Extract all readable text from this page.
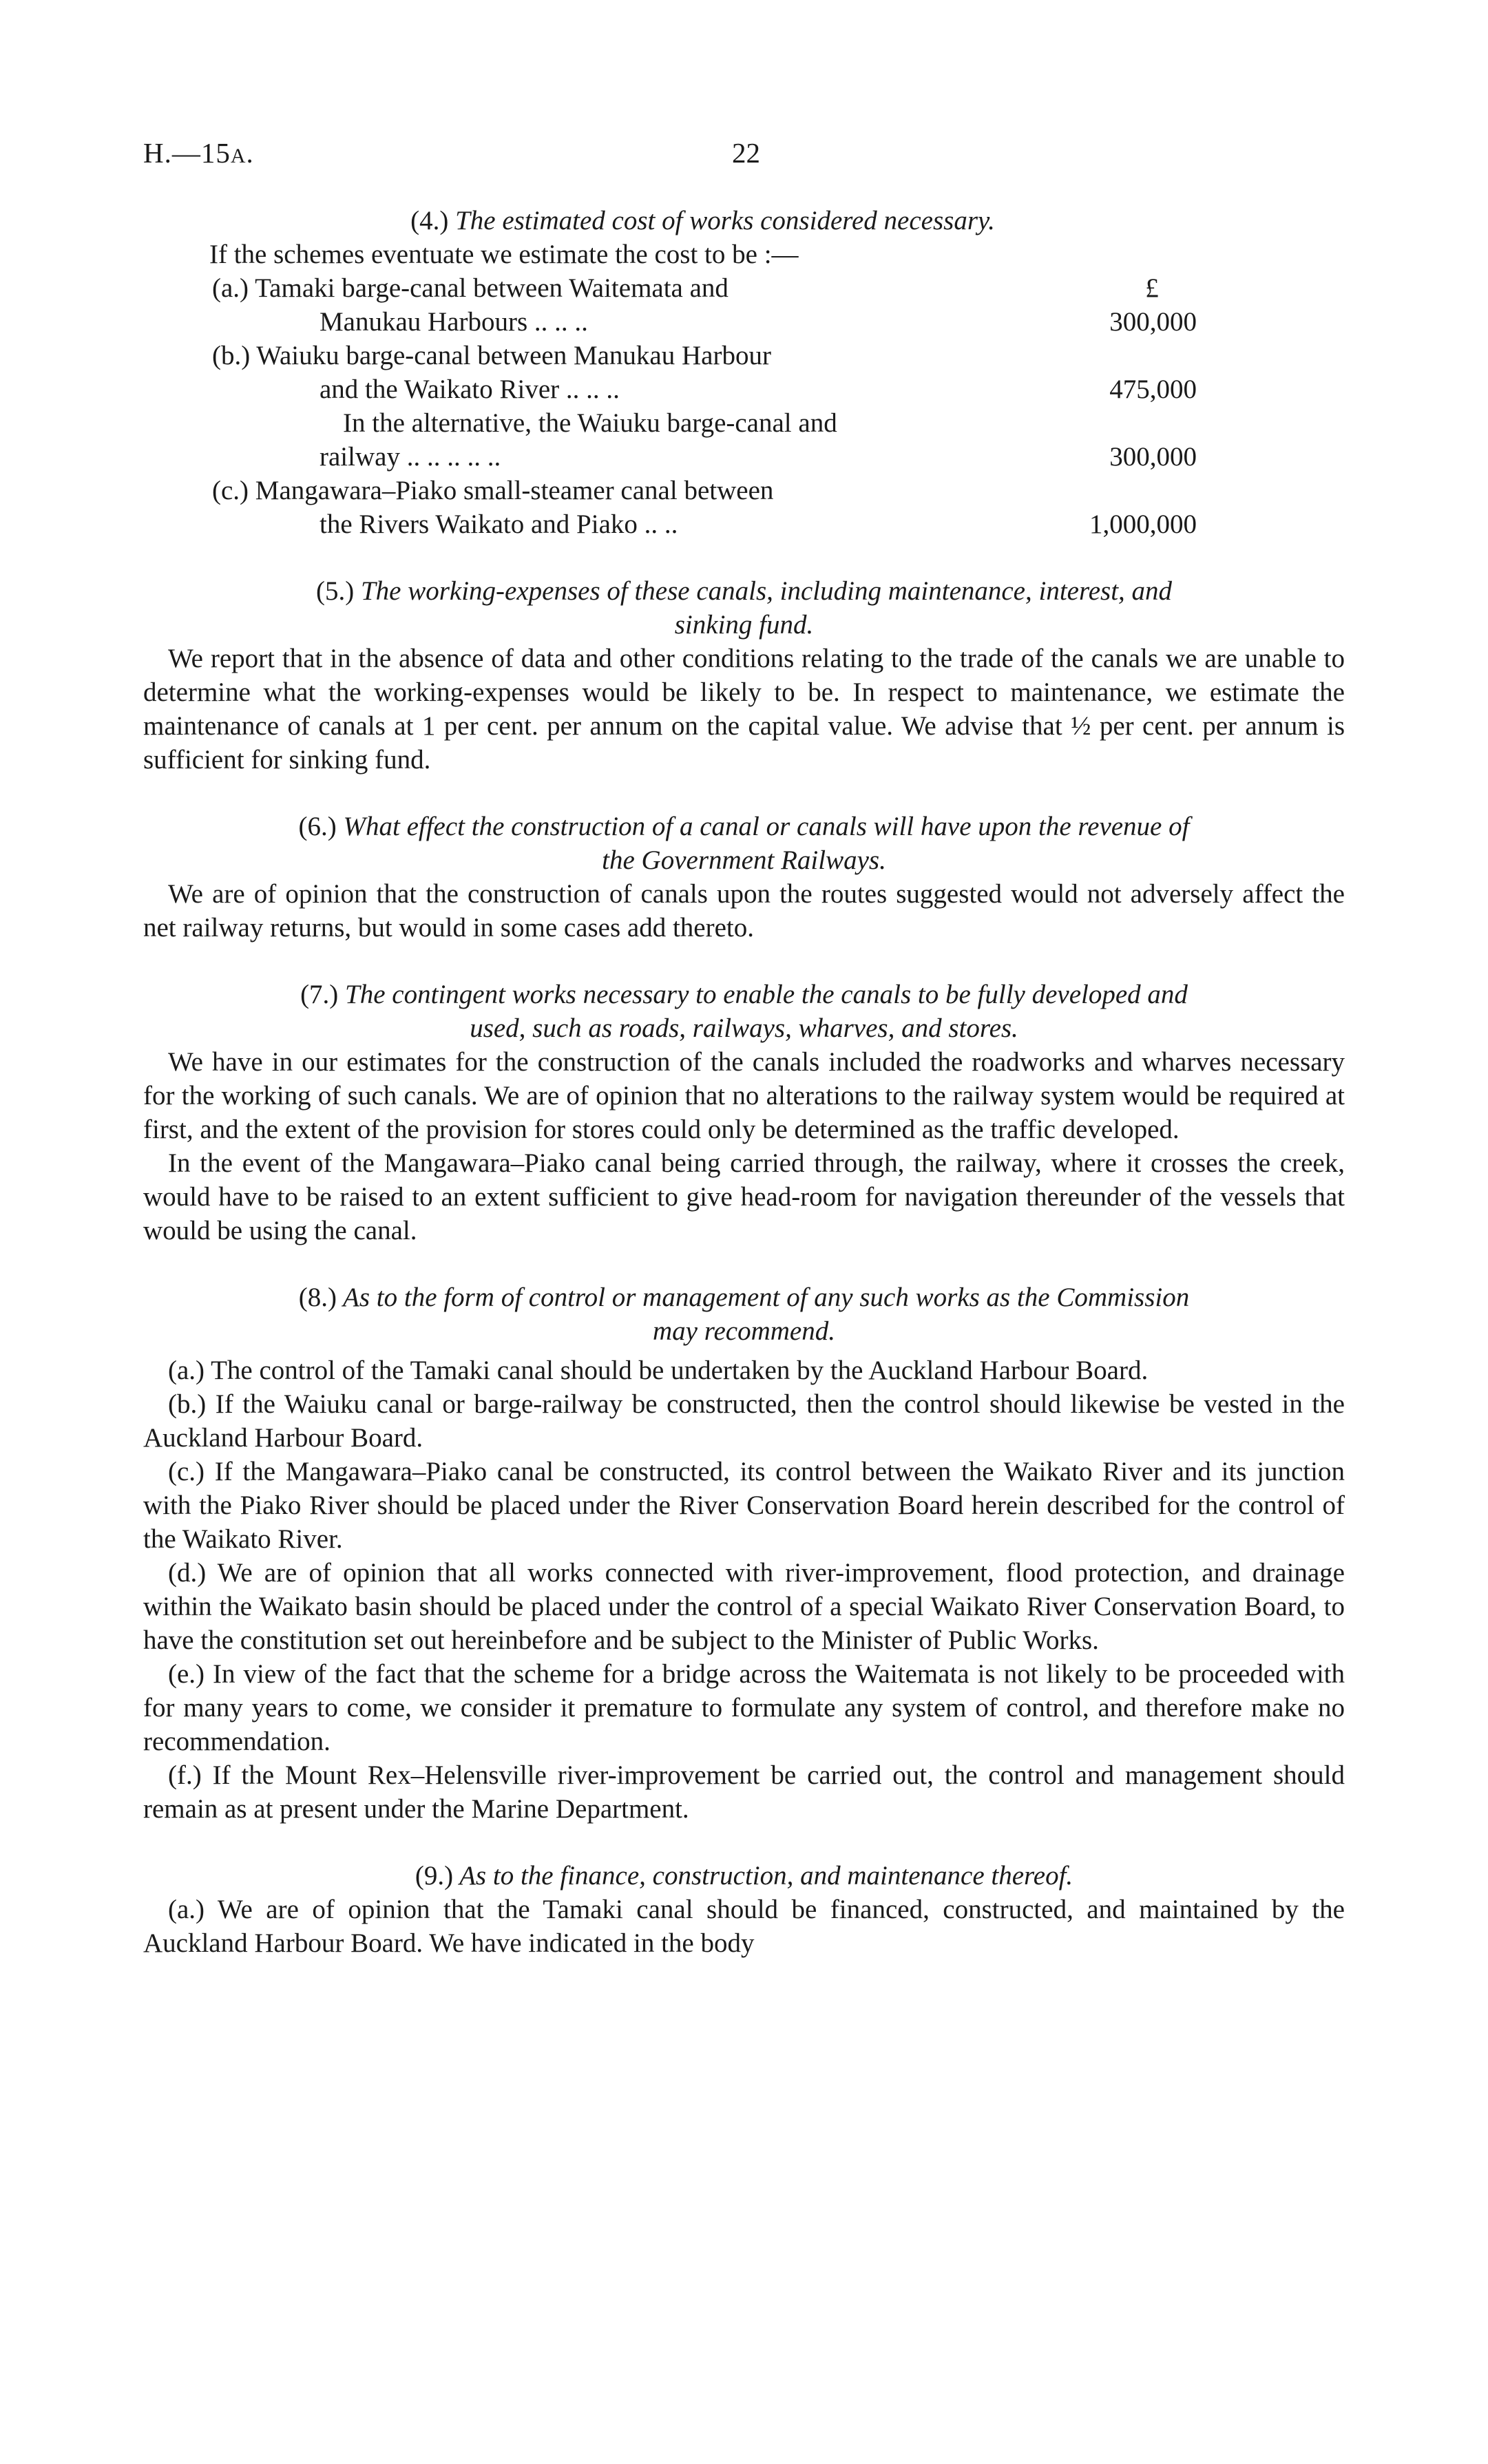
H.—15A.	22
(4.) The estimated cost of works considered necessary.
If the schemes eventuate we estimate the cost to be :—
(a.) Tamaki barge-canal between Waitemata and	£
Manukau Harbours .. .. ..	300,000
(b.) Waiuku barge-canal between Manukau Harbour
and the Waikato River .. .. ..	475,000
In the alternative, the Waiuku barge-canal and
railway .. .. .. .. ..	300,000
(c.) Mangawara–Piako small-steamer canal between
the Rivers Waikato and Piako .. ..	1,000,000
(5.) The working-expenses of these canals, including maintenance, interest, and
sinking fund.

We report that in the absence of data and other conditions relating to the trade of the canals we are unable to determine what the working-expenses would be likely to be. In respect to maintenance, we estimate the maintenance of canals at 1 per cent. per annum on the capital value. We advise that ½ per cent. per annum is sufficient for sinking fund.

(6.) What effect the construction of a canal or canals will have upon the revenue of
the Government Railways.

We are of opinion that the construction of canals upon the routes suggested would not adversely affect the net railway returns, but would in some cases add thereto.

(7.) The contingent works necessary to enable the canals to be fully developed and
used, such as roads, railways, wharves, and stores.

We have in our estimates for the construction of the canals included the roadworks and wharves necessary for the working of such canals. We are of opinion that no alterations to the railway system would be required at first, and the extent of the provision for stores could only be determined as the traffic developed.

In the event of the Mangawara–Piako canal being carried through, the railway, where it crosses the creek, would have to be raised to an extent sufficient to give head-room for navigation thereunder of the vessels that would be using the canal.

(8.) As to the form of control or management of any such works as the Commission
may recommend.

(a.) The control of the Tamaki canal should be undertaken by the Auckland Harbour Board.

(b.) If the Waiuku canal or barge-railway be constructed, then the control should likewise be vested in the Auckland Harbour Board.

(c.) If the Mangawara–Piako canal be constructed, its control between the Waikato River and its junction with the Piako River should be placed under the River Conservation Board herein described for the control of the Waikato River.

(d.) We are of opinion that all works connected with river-improvement, flood protection, and drainage within the Waikato basin should be placed under the control of a special Waikato River Conservation Board, to have the constitution set out hereinbefore and be subject to the Minister of Public Works.

(e.) In view of the fact that the scheme for a bridge across the Waitemata is not likely to be proceeded with for many years to come, we consider it premature to formulate any system of control, and therefore make no recommendation.

(f.) If the Mount Rex–Helensville river-improvement be carried out, the control and management should remain as at present under the Marine Department.

(9.) As to the finance, construction, and maintenance thereof.

(a.) We are of opinion that the Tamaki canal should be financed, constructed, and maintained by the Auckland Harbour Board. We have indicated in the body
